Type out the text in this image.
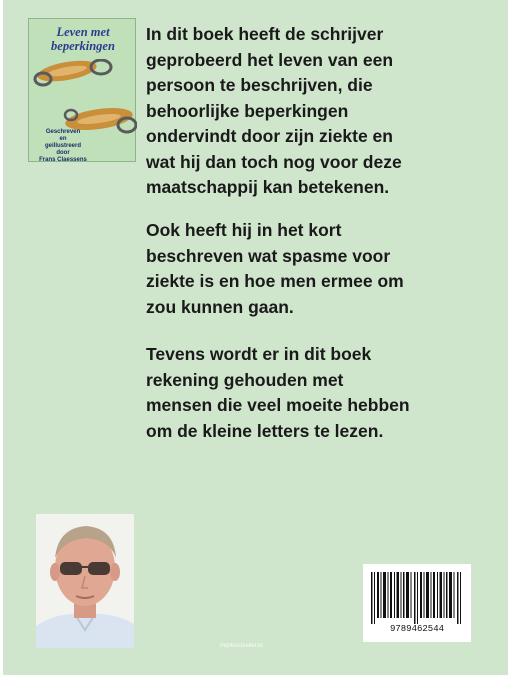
Leven met beperkingen
Geschreven
en
geillustreerd
door
Frans Claessens
In dit boek heeft de schrijver
geprobeerd het leven van een
persoon te beschrijven, die
behoorlijke beperkingen
ondervindt door zijn ziekte en
wat hij dan toch nog voor deze
maatschappij kan betekenen.
Ook heeft hij in het kort
beschreven wat spasme voor
ziekte is en hoe men ermee om
zou kunnen gaan.
Tevens wordt er in dit boek
rekening gehouden met
mensen die veel moeite hebben
om de kleine letters te lezen.
mijnbestseller.nl
9789462544
